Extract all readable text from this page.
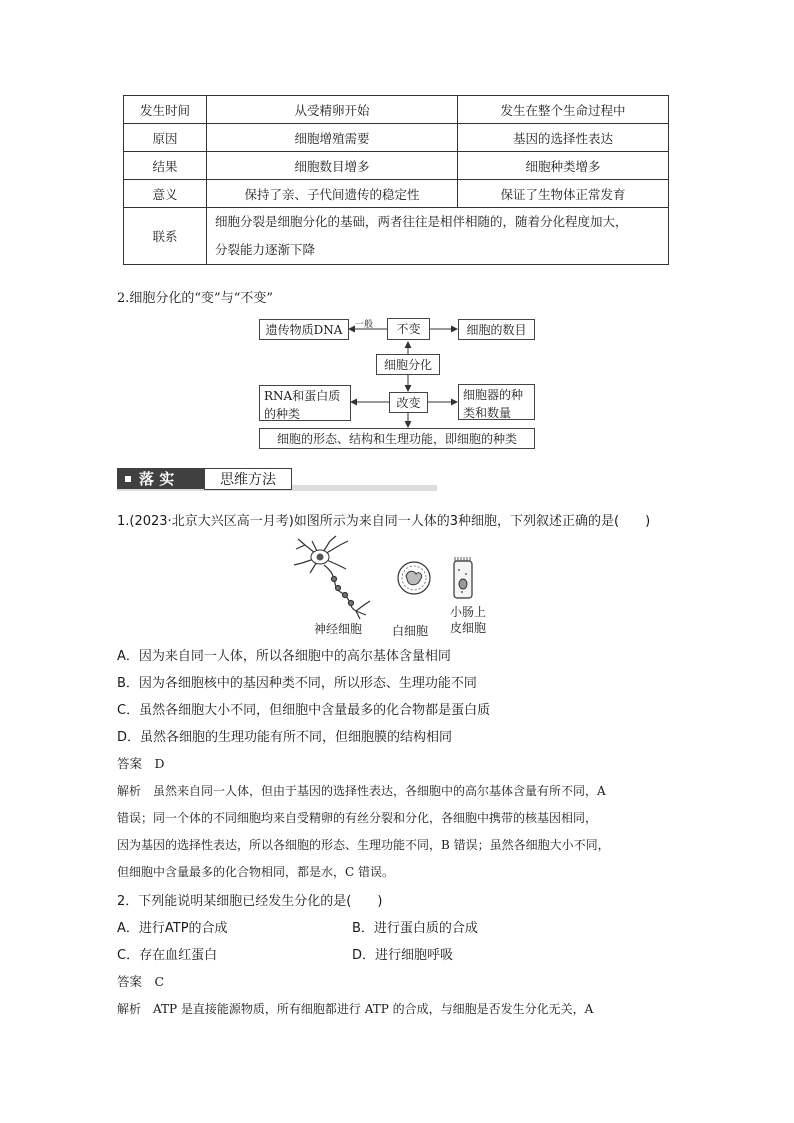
发生时间	从受精卵开始	发生在整个生命过程中
原因	细胞增殖需要	基因的选择性表达
结果	细胞数目增多	细胞种类增多
意义	保持了亲、子代间遗传的稳定性	保证了生物体正常发育
联系	细胞分裂是细胞分化的基础，两者往往是相伴相随的，随着分化程度加大，
分裂能力逐渐下降	
2.细胞分化的“变”与“不变”
一般
遗传物质DNA	不变	细胞的数目
细胞分化
RNA和蛋白质
的种类
改变
细胞器的种
类和数量
细胞的形态、结构和生理功能，即细胞的种类
落 实	思维方法
1.(2023·北京大兴区高一月考)如图所示为来自同一人体的3种细胞，下列叙述正确的是(　　)
神经细胞	白细胞
小肠上
皮细胞
A．因为来自同一人体，所以各细胞中的高尔基体含量相同
B．因为各细胞核中的基因种类不同，所以形态、生理功能不同
C．虽然各细胞大小不同，但细胞中含量最多的化合物都是蛋白质
D．虽然各细胞的生理功能有所不同，但细胞膜的结构相同
答案　D
解析　虽然来自同一人体，但由于基因的选择性表达，各细胞中的高尔基体含量有所不同，A
错误；同一个体的不同细胞均来自受精卵的有丝分裂和分化，各细胞中携带的核基因相同，
因为基因的选择性表达，所以各细胞的形态、生理功能不同，B 错误；虽然各细胞大小不同，
但细胞中含量最多的化合物相同，都是水，C 错误。
2．下列能说明某细胞已经发生分化的是(　　)
A．进行ATP的合成	B．进行蛋白质的合成
C．存在血红蛋白	D．进行细胞呼吸
答案　C
解析　ATP 是直接能源物质，所有细胞都进行 ATP 的合成，与细胞是否发生分化无关，A
